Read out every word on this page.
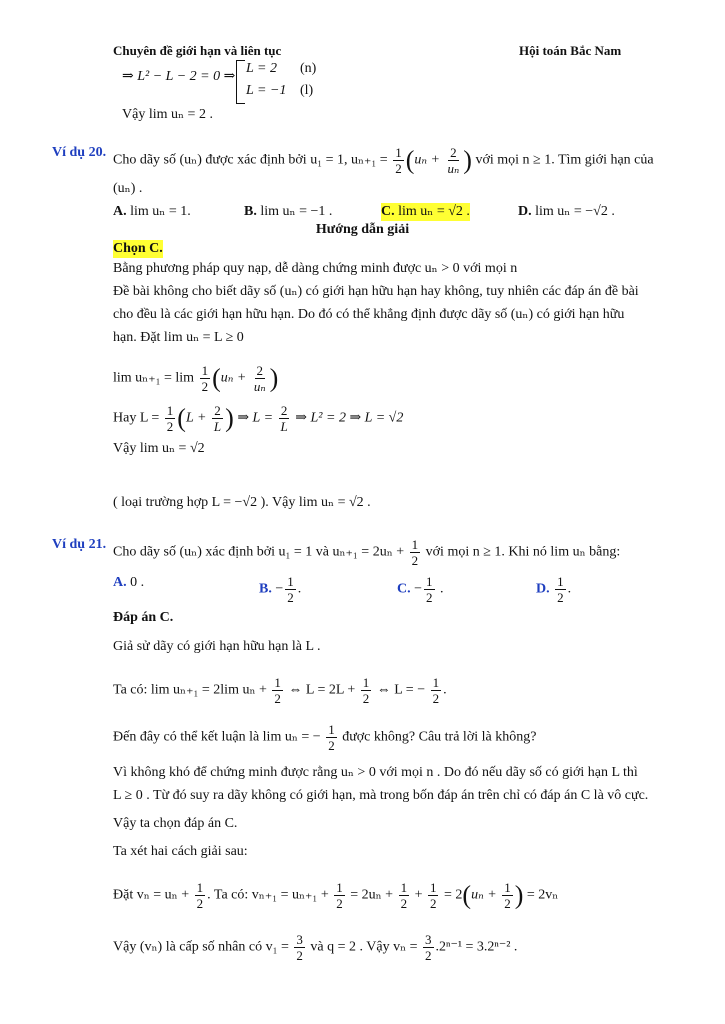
Chuyên đề giới hạn và liên tục	Hội toán Bắc Nam
⇒ L² − L − 2 = 0 ⇒
L = 2 (n)
L = −1 (l)
Vậy lim uₙ = 2 .
Ví dụ 20.
Cho dãy số (uₙ) được xác định bởi u₁ = 1, $u_{n+1} = \frac{1}{2} (u_n + \frac{2}{\text{uₙ}}$ ) với mọi n ≥ 1. Tìm giới hạn của
(uₙ) .
A. lim uₙ = 1.	B. lim uₙ = −1 .	C. lim uₙ = √2 .	D. lim uₙ = −√2 .
Hướng dẫn giải
Chọn C.
Bằng phương pháp quy nạp, dễ dàng chứng minh được uₙ > 0 với mọi n
Đề bài không cho biết dãy số (uₙ) có giới hạn hữu hạn hay không, tuy nhiên các đáp án đề bài
cho đều là các giới hạn hữu hạn. Do đó có thể khẳng định được dãy số (uₙ) có giới hạn hữu
hạn. Đặt lim uₙ = L ≥ 0
$\lim u_{n+1} = \lim \frac{1}{2} (u_n + \frac{2}{\text{uₙ}}$ )
Hay $L = \frac{1}{2} (L + \frac{2}{L}$ ) ⇒ $L = \frac{2}{L}$ ⇒ L² = 2 ⇒ L = √2
Vậy lim uₙ = √2
( loại trường hợp L = −√2 ). Vậy lim uₙ = √2 .
Ví dụ 21.
Cho dãy số (uₙ) xác định bởi u₁ = 1 và $u_{n+1} = 2u_n + \frac{1}{2}$ với mọi n ≥ 1. Khi nó lim uₙ bằng:
A. 0 .	B. − $\frac{1}{2}$ .	C. − $\frac{1}{2}$ .	D. $\frac{1}{2}$ .
Đáp án C.
Giả sử dãy có giới hạn hữu hạn là L .
Ta có: lim uₙ₊₁ = 2lim $u_n + \frac{1}{2}$ ⇔ $L = 2L + \frac{1}{2}$ ⇔ L = − $\frac{1}{2}$ .
Đến đây có thể kết luận là lim uₙ = − $\frac{1}{2}$ được không? Câu trả lời là không?
Vì không khó để chứng minh được rằng uₙ > 0 với mọi n . Do đó nếu dãy số có giới hạn L thì
L ≥ 0 . Từ đó suy ra dãy không có giới hạn, mà trong bốn đáp án trên chỉ có đáp án C là vô cực.
Vậy ta chọn đáp án C.
Ta xét hai cách giải sau:
Đặt $v_n = u_n + \frac{1}{2}$ . Ta có: $v_{n+1} = u_{n+1} + \frac{1}{2} = 2u_n + \frac{1}{2} + \frac{1}{2} = 2(u_n + \frac{1}{2}$ ) = 2vₙ
Vậy (vₙ) là cấp số nhân có $v_1 = \frac{3}{2}$ và q = 2 . Vậy $v_n = \frac{3}{2} .2^{n-1} = 3.2^{n-2}$ .
